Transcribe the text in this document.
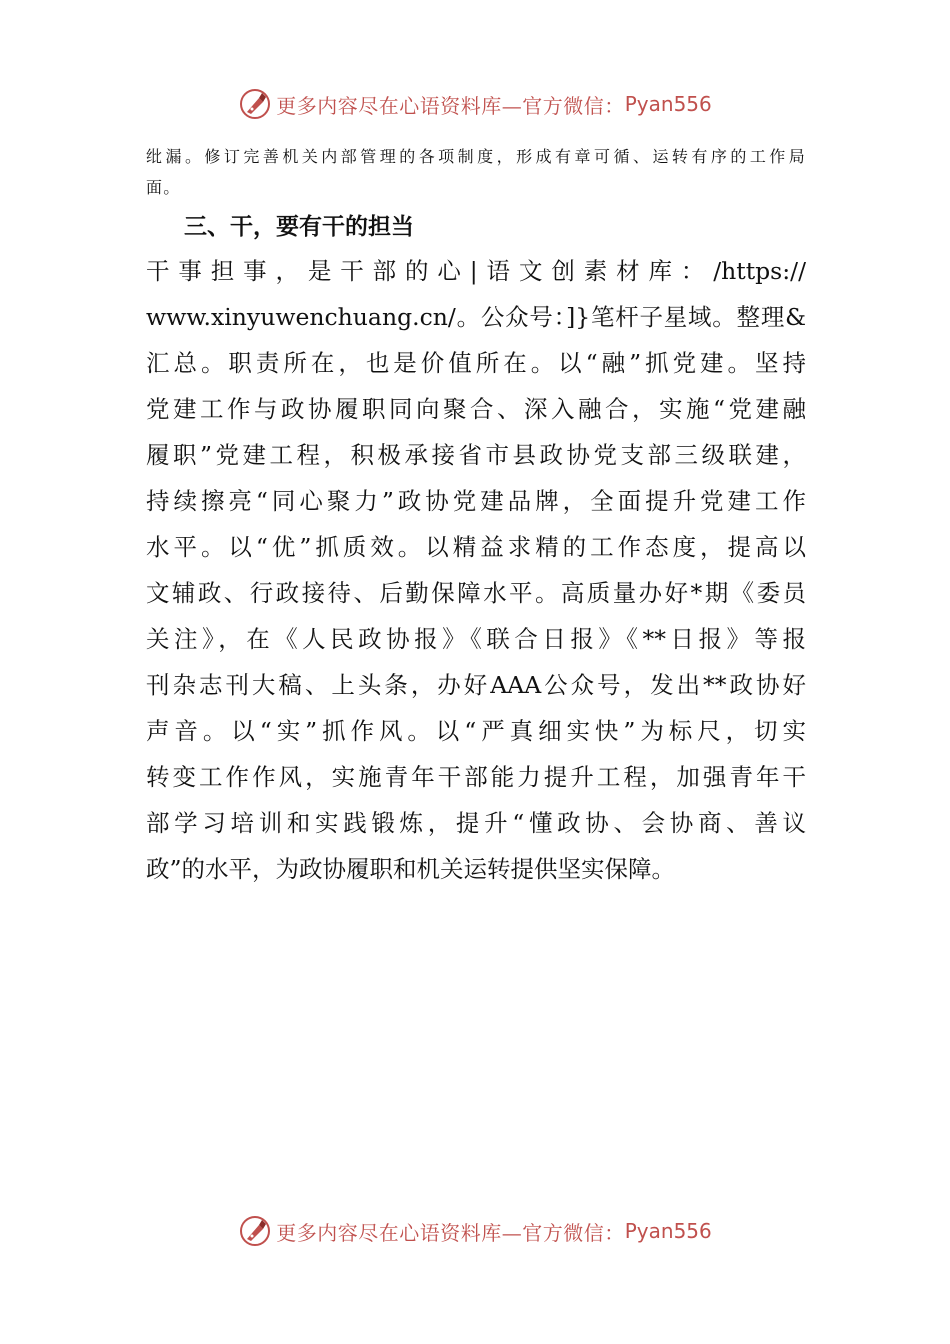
更多内容尽在心语资料库—官方微信： Pyan556
纰漏。修订完善机关内部管理的各项制度，形成有章可循、运转有序的工作局
面。
三、干，要有干的担当
干事担事，是干部的心|语文创素材库：/https://
www.xinyuwenchuang.cn/。公众号：]}笔杆子星域。整理&
汇总。职责所在，也是价值所在。以“融”抓党建。坚持
党建工作与政协履职同向聚合、深入融合，实施“党建融
履职”党建工程，积极承接省市县政协党支部三级联建，
持续擦亮“同心聚力”政协党建品牌，全面提升党建工作
水平。以“优”抓质效。以精益求精的工作态度，提高以
文辅政、行政接待、后勤保障水平。高质量办好*期《委员
关注》，在《人民政协报》《联合日报》《**日报》等报
刊杂志刊大稿、上头条，办好AAA公众号，发出**政协好
声音。以“实”抓作风。以“严真细实快”为标尺，切实
转变工作作风，实施青年干部能力提升工程，加强青年干
部学习培训和实践锻炼，提升“懂政协、会协商、善议
政”的水平，为政协履职和机关运转提供坚实保障。
更多内容尽在心语资料库—官方微信： Pyan556
